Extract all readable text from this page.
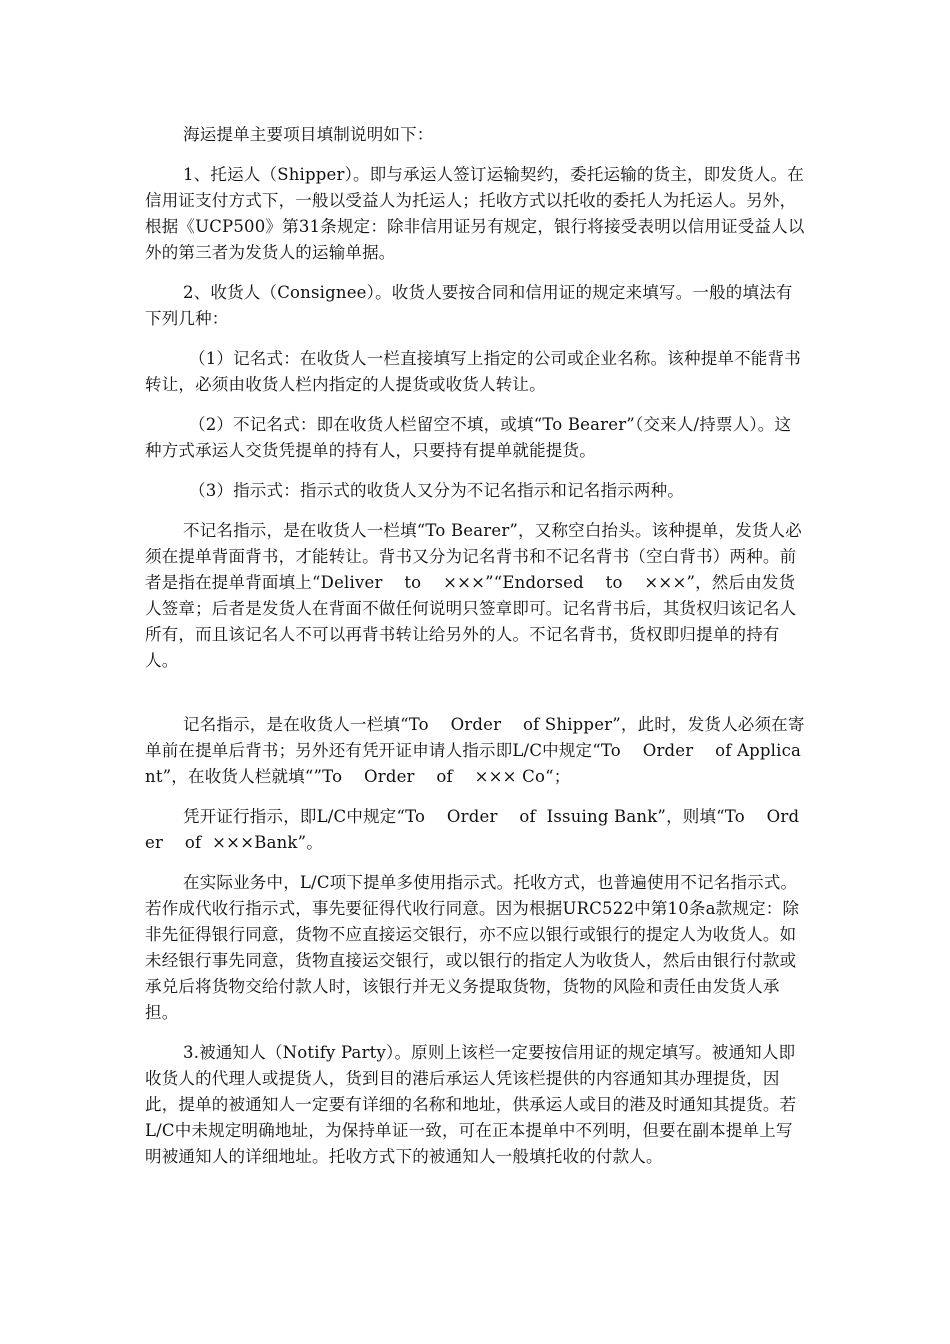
海运提单主要项目填制说明如下：

1、托运人（Shipper）。即与承运人签订运输契约，委托运输的货主，即发货人。在信用证支付方式下，一般以受益人为托运人；托收方式以托收的委托人为托运人。另外，根据《UCP500》第31条规定：除非信用证另有规定，银行将接受表明以信用证受益人以外的第三者为发货人的运输单据。

2、收货人（Consignee）。收货人要按合同和信用证的规定来填写。一般的填法有下列几种：

（1）记名式：在收货人一栏直接填写上指定的公司或企业名称。该种提单不能背书转让，必须由收货人栏内指定的人提货或收货人转让。

（2）不记名式：即在收货人栏留空不填，或填“To Bearer”（交来人/持票人）。这种方式承运人交货凭提单的持有人，只要持有提单就能提货。

（3）指示式：指示式的收货人又分为不记名指示和记名指示两种。

不记名指示，是在收货人一栏填“To Bearer”，又称空白抬头。该种提单，发货人必须在提单背面背书，才能转让。背书又分为记名背书和不记名背书（空白背书）两种。前者是指在提单背面填上“Deliver    to    ×××”“Endorsed    to    ×××”，然后由发货人签章；后者是发货人在背面不做任何说明只签章即可。记名背书后，其货权归该记名人所有，而且该记名人不可以再背书转让给另外的人。不记名背书，货权即归提单的持有人。

记名指示，是在收货人一栏填“To    Order    of Shipper”，此时，发货人必须在寄单前在提单后背书；另外还有凭开证申请人指示即L/C中规定“To    Order    of Applicant”，在收货人栏就填“”To    Order    of    ××× Co“；

凭开证行指示，即L/C中规定“To    Order    of  Issuing Bank”，则填“To    Order    of  ×××Bank”。

在实际业务中，L/C项下提单多使用指示式。托收方式，也普遍使用不记名指示式。若作成代收行指示式，事先要征得代收行同意。因为根据URC522中第10条a款规定：除非先征得银行同意，货物不应直接运交银行，亦不应以银行或银行的提定人为收货人。如未经银行事先同意，货物直接运交银行，或以银行的指定人为收货人，然后由银行付款或承兑后将货物交给付款人时，该银行并无义务提取货物，货物的风险和责任由发货人承担。

3.被通知人（Notify Party）。原则上该栏一定要按信用证的规定填写。被通知人即收货人的代理人或提货人，货到目的港后承运人凭该栏提供的内容通知其办理提货，因此，提单的被通知人一定要有详细的名称和地址，供承运人或目的港及时通知其提货。若L/C中未规定明确地址，为保持单证一致，可在正本提单中不列明，但要在副本提单上写明被通知人的详细地址。托收方式下的被通知人一般填托收的付款人。
